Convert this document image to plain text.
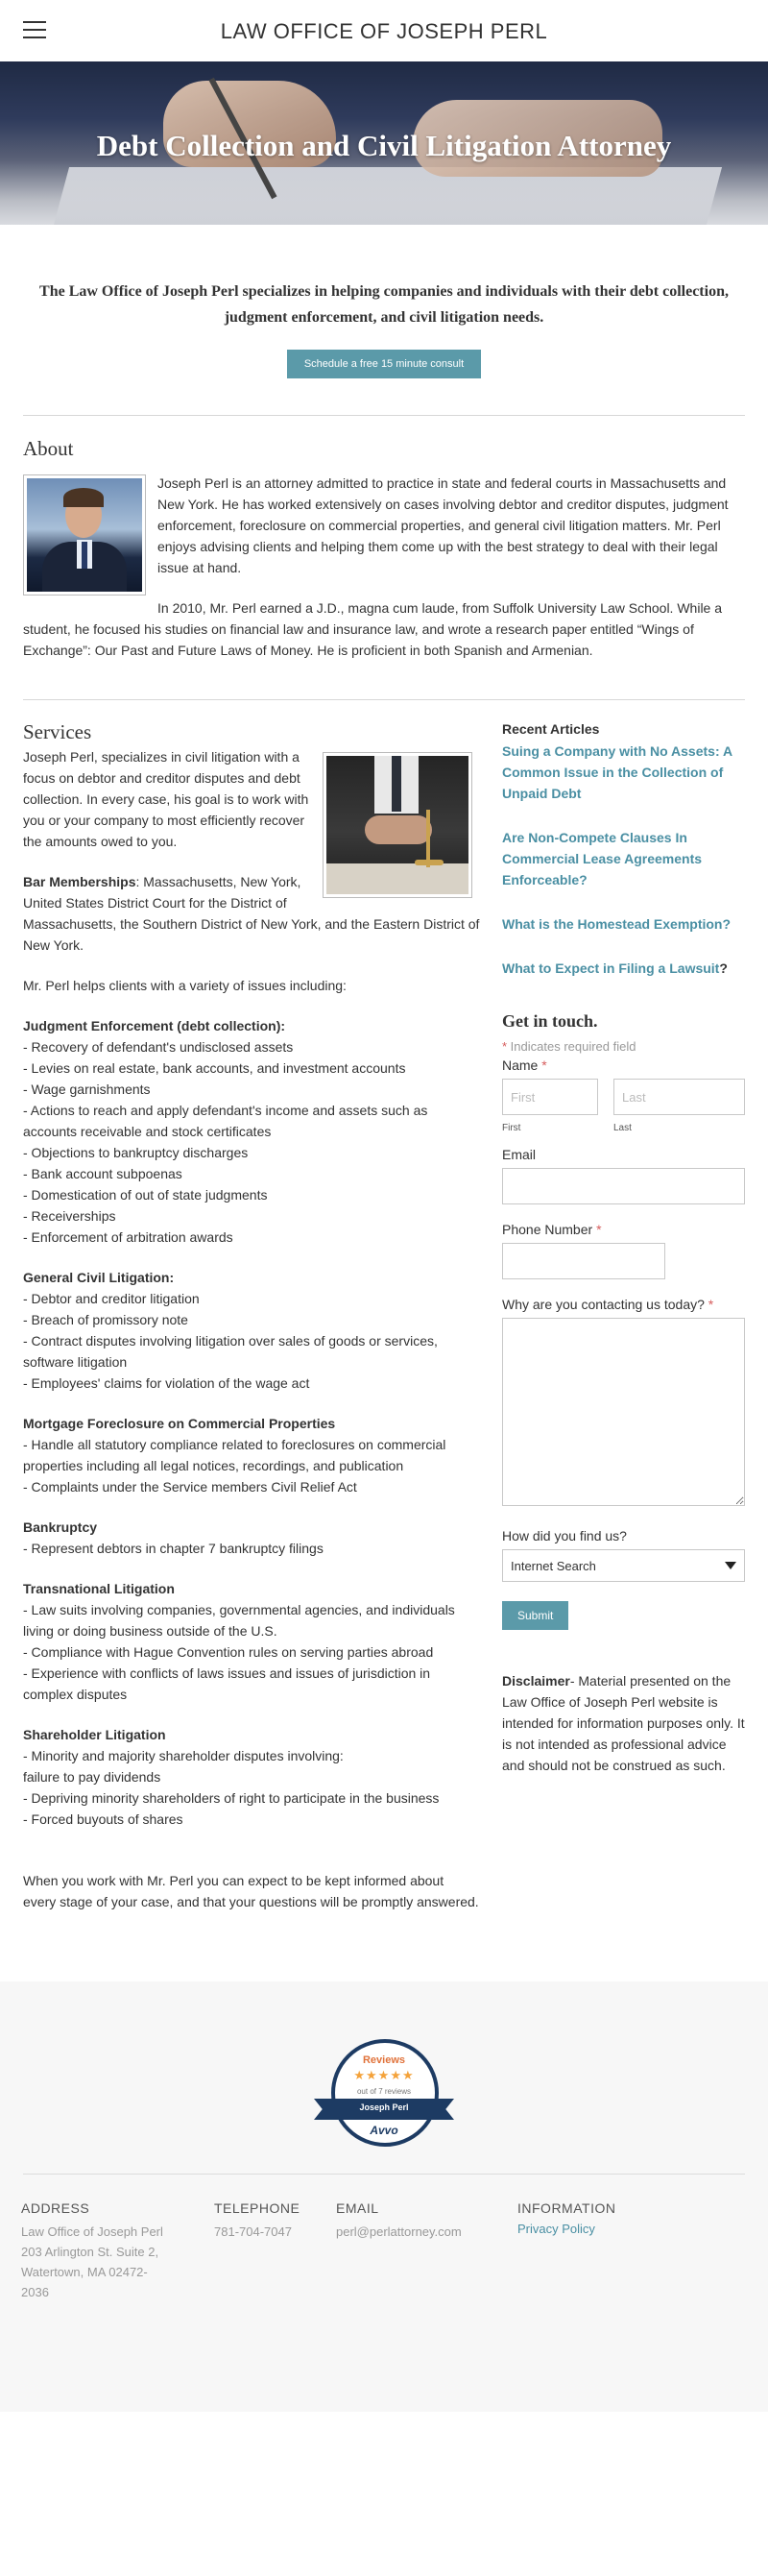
LAW OFFICE OF JOSEPH PERL
Debt Collection and Civil Litigation Attorney

The Law Office of Joseph Perl specializes in helping companies and individuals with their debt collection, judgment enforcement, and civil litigation needs.

Schedule a free 15 minute consult
About

Joseph Perl is an attorney admitted to practice in state and federal courts in Massachusetts and New York. He has worked extensively on cases involving debtor and creditor disputes, judgment enforcement, foreclosure on commercial properties, and general civil litigation matters. Mr. Perl enjoys advising clients and helping them come up with the best strategy to deal with their legal issue at hand.

In 2010, Mr. Perl earned a J.D., magna cum laude, from Suffolk University Law School. While a student, he focused his studies on financial law and insurance law, and wrote a research paper entitled “Wings of Exchange”: Our Past and Future Laws of Money. He is proficient in both Spanish and Armenian.

Services

Joseph Perl, specializes in civil litigation with a focus on debtor and creditor disputes and debt collection. In every case, his goal is to work with you or your company to most efficiently recover the amounts owed to you.

Bar Memberships: Massachusetts, New York, United States District Court for the District of Massachusetts, the Southern District of New York, and the Eastern District of New York.

Mr. Perl helps clients with a variety of issues including:

Judgment Enforcement (debt collection):

- Recovery of defendant's undisclosed assets

- Levies on real estate, bank accounts, and investment accounts

- Wage garnishments

- Actions to reach and apply defendant's income and assets such as accounts receivable and stock certificates

- Objections to bankruptcy discharges

- Bank account subpoenas

- Domestication of out of state judgments

- Receiverships

- Enforcement of arbitration awards

General Civil Litigation:

- Debtor and creditor litigation

- Breach of promissory note

- Contract disputes involving litigation over sales of goods or services, software litigation

- Employees' claims for violation of the wage act

Mortgage Foreclosure on Commercial Properties

- Handle all statutory compliance related to foreclosures on commercial properties including all legal notices, recordings, and publication

- Complaints under the Service members Civil Relief Act

Bankruptcy

- Represent debtors in chapter 7 bankruptcy filings

Transnational Litigation

- Law suits involving companies, governmental agencies, and individuals living or doing business outside of the U.S.

- Compliance with Hague Convention rules on serving parties abroad

- Experience with conflicts of laws issues and issues of jurisdiction in complex disputes

Shareholder Litigation

- Minority and majority shareholder disputes involving:

failure to pay dividends

- Depriving minority shareholders of right to participate in the business

- Forced buyouts of shares

When you work with Mr. Perl you can expect to be kept informed about every stage of your case, and that your questions will be promptly answered.

Recent Articles
Suing a Company with No Assets: A Common Issue in the Collection of Unpaid Debt
Are Non-Compete Clauses In Commercial Lease Agreements Enforceable?
What is the Homestead Exemption?
What to Expect in Filing a Lawsuit?
Get in touch.
* Indicates required field
Name *
First
First
Last	Last
Email
Phone Number *
Why are you contacting us today? *
How did you find us?
Internet Search
Submit
Disclaimer- Material presented on the Law Office of Joseph Perl website is intended for information purposes only. It is not intended as professional advice and should not be construed as such.
Reviews
★★★★★
out of 7 reviews
Joseph Perl
Avvo
ADDRESS
Law Office of Joseph Perl
203 Arlington St. Suite 2,
Watertown, MA 02472-
2036
TELEPHONE
781-704-7047
EMAIL
perl@perlattorney.com
INFORMATION
Privacy Policy
